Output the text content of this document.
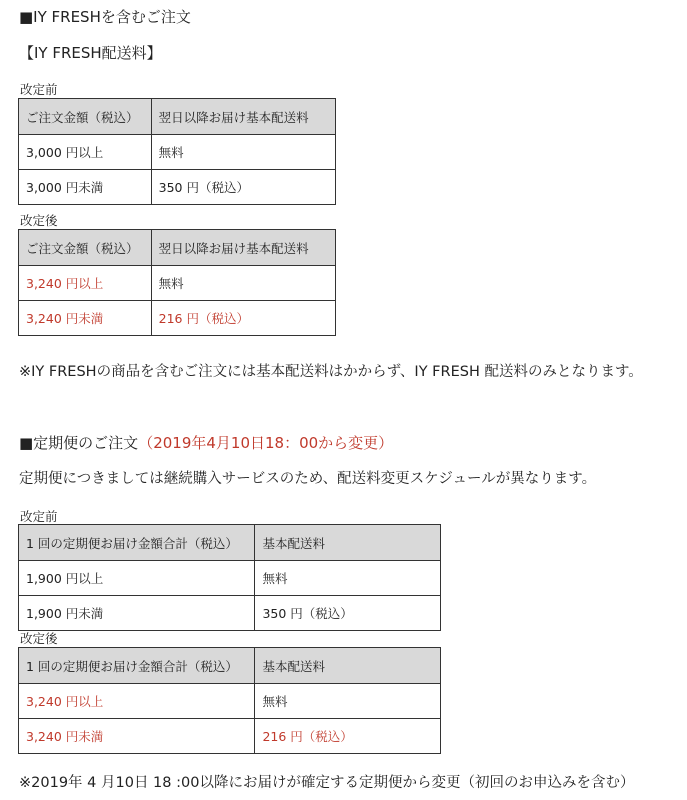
■IY FRESHを含むご注文
【IY FRESH配送料】
改定前
ご注文金額（税込）	翌日以降お届け基本配送料
3,000 円以上	無料
3,000 円未満	350 円（税込）
改定後
ご注文金額（税込）	翌日以降お届け基本配送料
3,240 円以上	無料
3,240 円未満	216 円（税込）
※IY FRESHの商品を含むご注文には基本配送料はかからず、IY FRESH 配送料のみとなります。
■定期便のご注文（2019年4月10日18：00から変更）
定期便につきましては継続購入サービスのため、配送料変更スケジュールが異なります。
改定前
1 回の定期便お届け金額合計（税込）	基本配送料
1,900 円以上	無料
1,900 円未満	350 円（税込）
改定後
1 回の定期便お届け金額合計（税込）	基本配送料
3,240 円以上	無料
3,240 円未満	216 円（税込）
※2019年 4 月10日 18 :00以降にお届けが確定する定期便から変更（初回のお申込みを含む）
